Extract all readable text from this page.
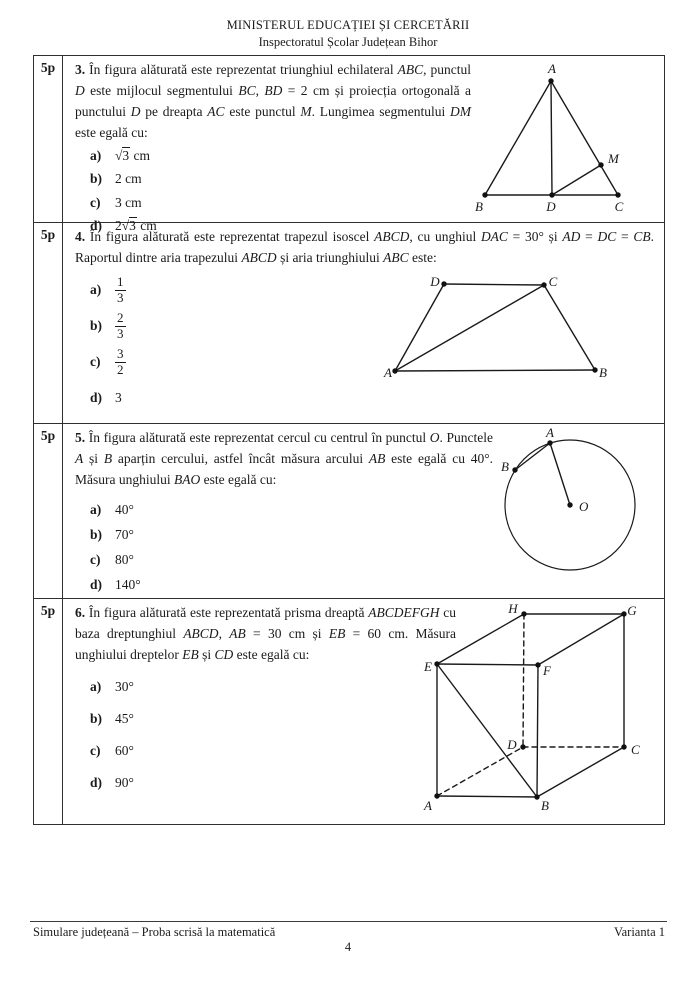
MINISTERUL EDUCAȚIEI ȘI CERCETĂRII
Inspectoratul Școlar Județean Bihor
5p	3. În figura alăturată este reprezentat triunghiul echilateral ABC, punctul D este mijlocul segmentului BC, BD = 2 cm și proiecția ortogonală a punctului D pe dreapta AC este punctul M. Lungimea segmentului DM este egală cu:

a)	√3 cm
b) 2 cm
c)	3 cm
d) 2√3 cm
A
B	D	C
M
5p	4. În figura alăturată este reprezentat trapezul isoscel ABCD, cu unghiul DAC = 30° și AD = DC = CB. Raportul dintre aria trapezului ABCD și aria triunghiului ABC este:

a)	$\frac{1}{3}$
$b) \frac{2}{3}$
c)	$\frac{3}{2}$
d) 3
D	C
A	B
5p	5. În figura alăturată este reprezentat cercul cu centrul în punctul O. Punctele A și B aparțin cercului, astfel încât măsura arcului AB este egală cu 40°. Măsura unghiului BAO este egală cu:

a)	40°
b) 70°
c)	80°
d) 140°
A
B
O
5p	6. În figura alăturată este reprezentată prisma dreaptă ABCDEFGH cu baza dreptunghiul ABCD, AB = 30 cm și EB = 60 cm. Măsura unghiului dreptelor EB și CD este egală cu:

a)	30°
b) 45°
c)	60°
d) 90°
E	F
H	G
D	C
A	B
Simulare județeană – Proba scrisă la matematică	Varianta 1
4
